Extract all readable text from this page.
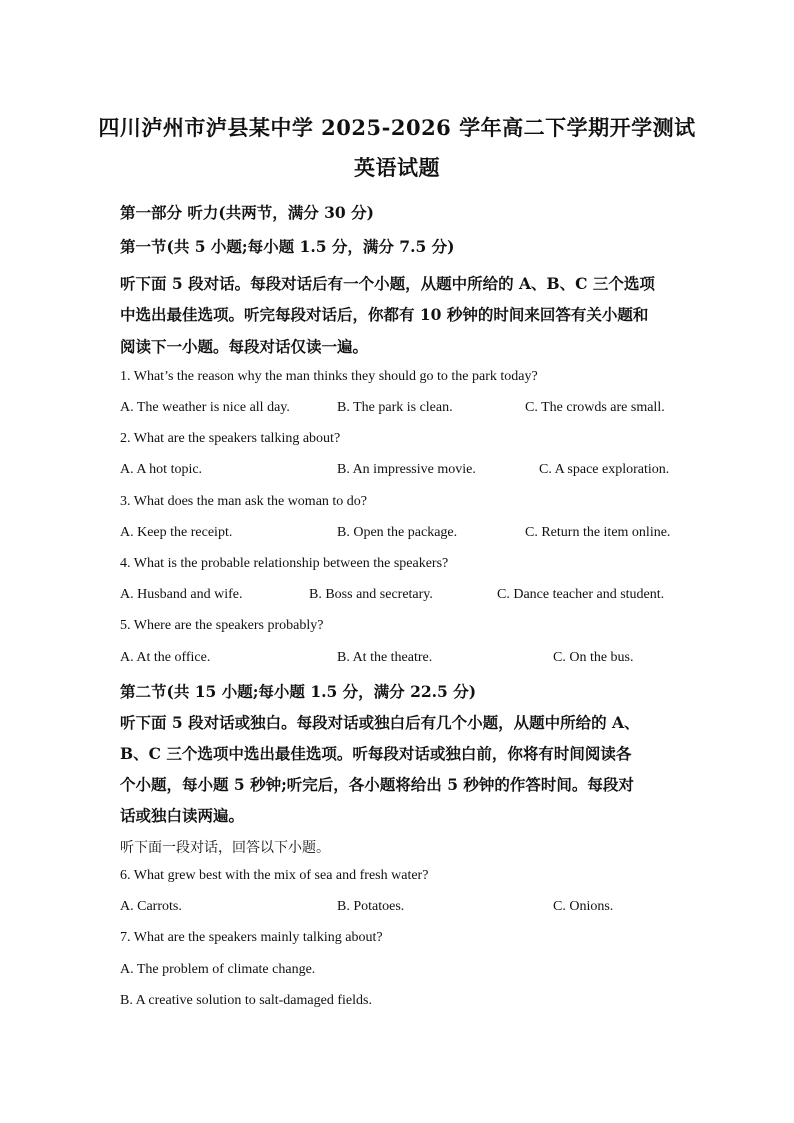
四川泸州市泸县某中学 2025-2026 学年高二下学期开学测试
英语试题
第一部分 听力(共两节，满分 30 分)
第一节(共 5 小题;每小题 1.5 分，满分 7.5 分)
听下面 5 段对话。每段对话后有一个小题，从题中所给的 A、B、C 三个选项
中选出最佳选项。听完每段对话后，你都有 10 秒钟的时间来回答有关小题和
阅读下一小题。每段对话仅读一遍。
1. What’s the reason why the man thinks they should go to the park today?
A. The weather is nice all day.	B. The park is clean.	C. The crowds are small.
2. What are the speakers talking about?
A. A hot topic.	B. An impressive movie.	C. A space exploration.
3. What does the man ask the woman to do?
A. Keep the receipt.	B. Open the package.	C. Return the item online.
4. What is the probable relationship between the speakers?
A. Husband and wife.	B. Boss and secretary.	C. Dance teacher and student.
5. Where are the speakers probably?
A. At the office.	B. At the theatre.	C. On the bus.
第二节(共 15 小题;每小题 1.5 分，满分 22.5 分)
听下面 5 段对话或独白。每段对话或独白后有几个小题，从题中所给的 A、
B、C 三个选项中选出最佳选项。听每段对话或独白前，你将有时间阅读各
个小题，每小题 5 秒钟;听完后，各小题将给出 5 秒钟的作答时间。每段对
话或独白读两遍。
听下面一段对话，回答以下小题。
6. What grew best with the mix of sea and fresh water?
A. Carrots.	B. Potatoes.	C. Onions.
7. What are the speakers mainly talking about?
A. The problem of climate change.
B. A creative solution to salt-damaged fields.
